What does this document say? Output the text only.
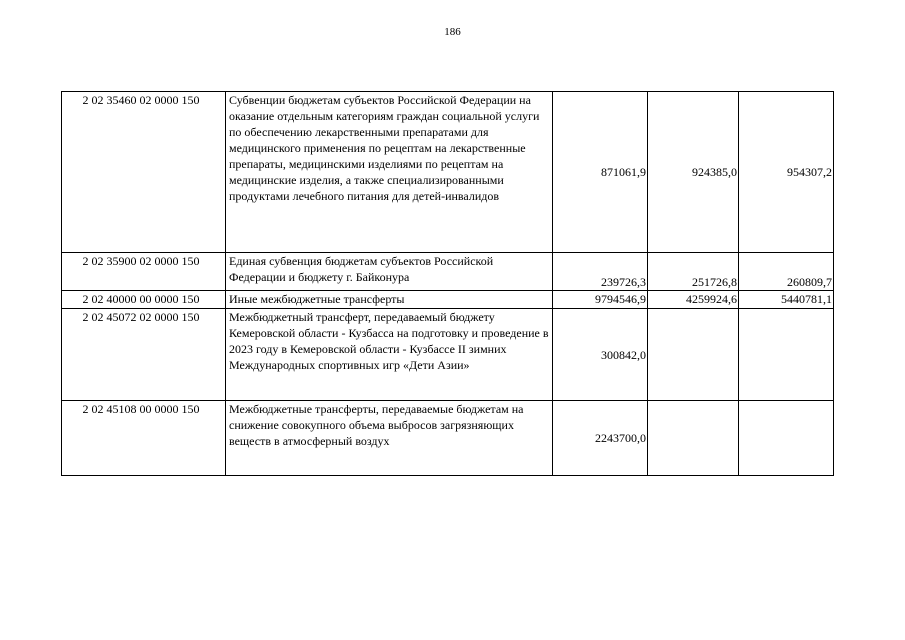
186
2 02 35460 02 0000 150	Субвенции бюджетам субъектов Российской Федерации на оказание отдельным категориям граждан социальной услуги по обеспечению лекарственными препаратами для медицинского применения по рецептам на лекарственные препараты, медицинскими изделиями по рецептам на медицинские изделия, а также специализированными продуктами лечебного питания для детей-инвалидов	871061,9	924385,0	954307,2
2 02 35900 02 0000 150	Единая субвенция бюджетам субъектов Российской Федерации и бюджету г. Байконура	239726,3	251726,8	260809,7
2 02 40000 00 0000 150	Иные межбюджетные трансферты	9794546,9	4259924,6	5440781,1
2 02 45072 02 0000 150	Межбюджетный трансферт, передаваемый бюджету Кемеровской области - Кузбасса на подготовку и проведение в 2023 году в Кемеровской области - Кузбассе II зимних Международных спортивных игр «Дети Азии»	300842,0		
2 02 45108 00 0000 150	Межбюджетные трансферты, передаваемые бюджетам на снижение совокупного объема выбросов загрязняющих веществ в атмосферный воздух	2243700,0		
